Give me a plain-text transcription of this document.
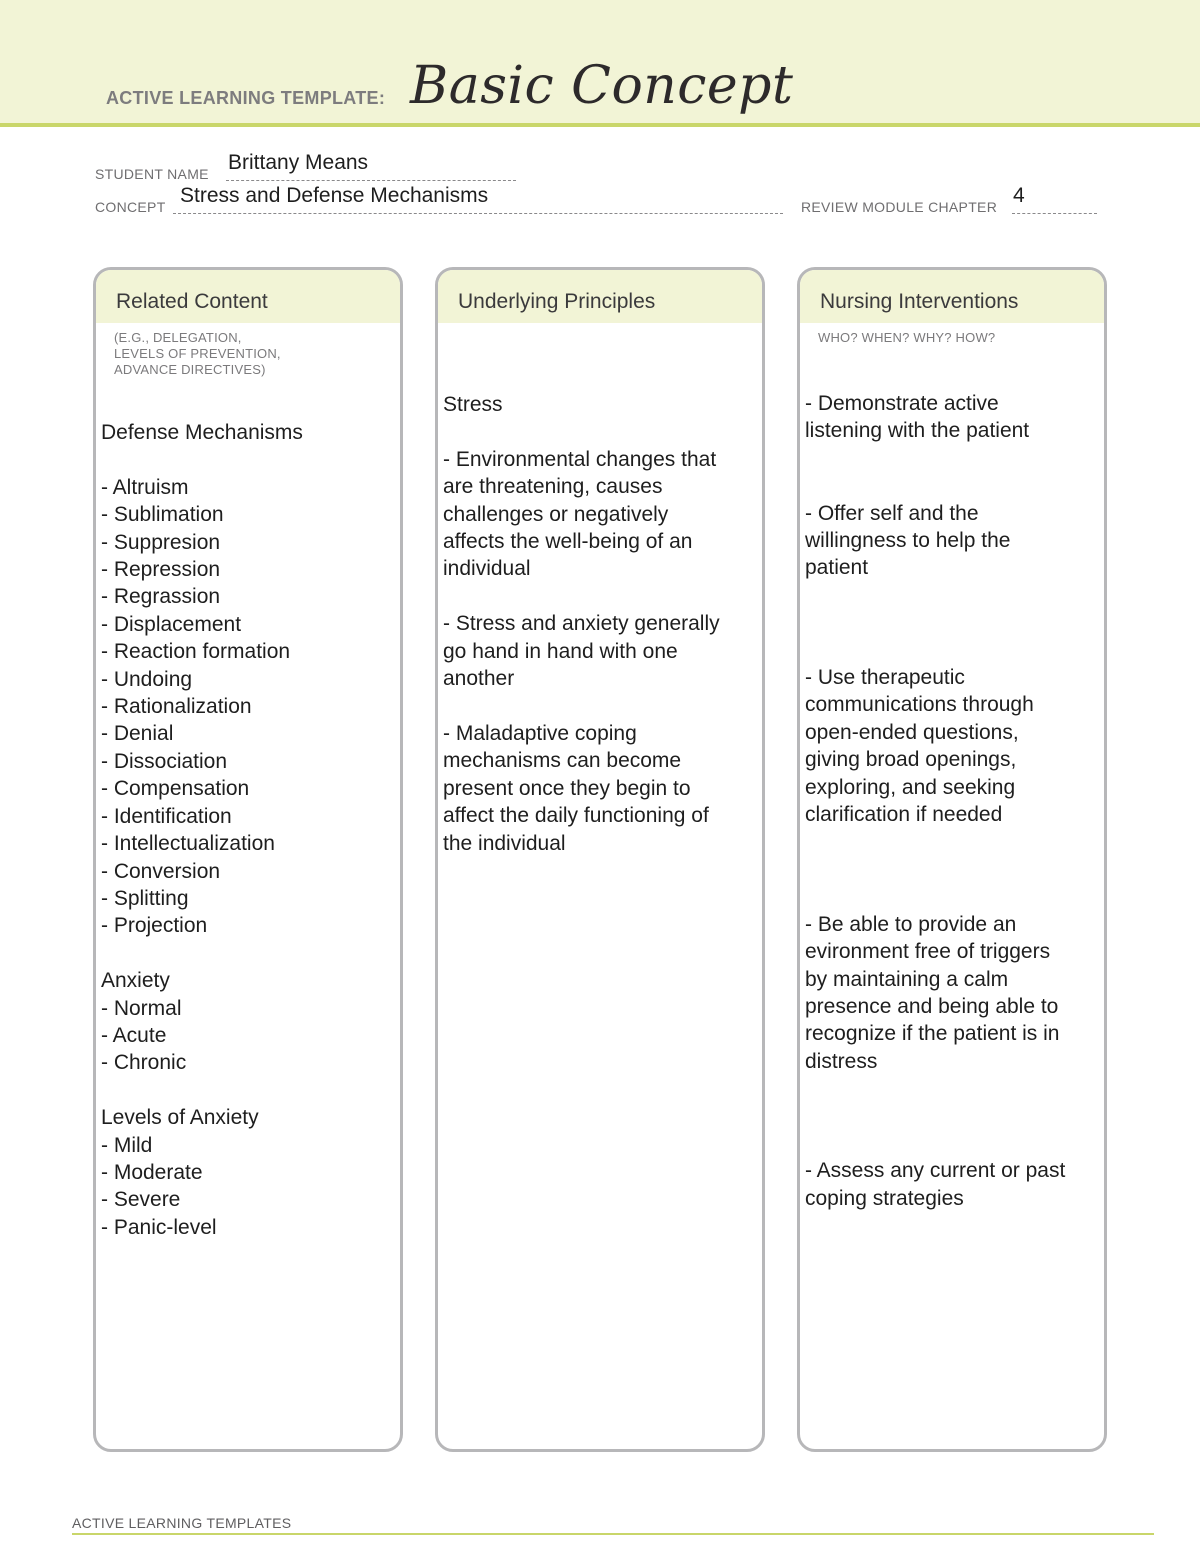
ACTIVE LEARNING TEMPLATE: Basic Concept
STUDENT NAME Brittany Means
CONCEPT Stress and Defense Mechanisms	REVIEW MODULE CHAPTER 4
Related Content
(E.G., DELEGATION,
LEVELS OF PREVENTION,
ADVANCE DIRECTIVES)
Defense Mechanisms

- Altruism
- Sublimation
- Suppresion
- Repression
- Regrassion
- Displacement
- Reaction formation
- Undoing
- Rationalization
- Denial
- Dissociation
- Compensation
- Identification
- Intellectualization
- Conversion
- Splitting
- Projection

Anxiety
- Normal
- Acute
- Chronic

Levels of Anxiety
- Mild
- Moderate
- Severe
- Panic-level
Underlying Principles
Stress

- Environmental changes that
are threatening, causes
challenges or negatively
affects the well-being of an
individual

- Stress and anxiety generally
go hand in hand with one
another

- Maladaptive coping
mechanisms can become
present once they begin to
affect the daily functioning of
the individual
Nursing Interventions
WHO? WHEN? WHY? HOW?
- Demonstrate active
listening with the patient

- Offer self and the
willingness to help the
patient

- Use therapeutic
communications through
open-ended questions,
giving broad openings,
exploring, and seeking
clarification if needed

- Be able to provide an
evironment free of triggers
by maintaining a calm
presence and being able to
recognize if the patient is in
distress

- Assess any current or past
coping strategies
ACTIVE LEARNING TEMPLATES
